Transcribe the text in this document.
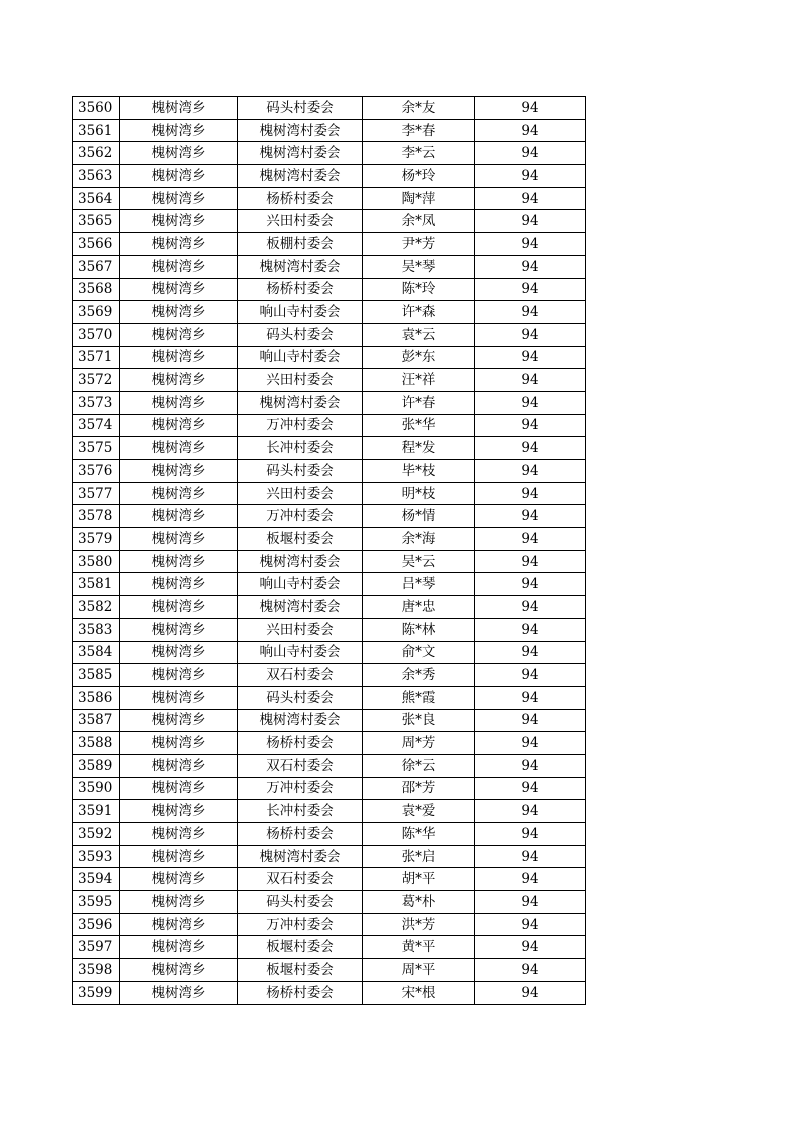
3560	槐树湾乡	码头村委会	余*友	94
3561	槐树湾乡	槐树湾村委会	李*春	94
3562	槐树湾乡	槐树湾村委会	李*云	94
3563	槐树湾乡	槐树湾村委会	杨*玲	94
3564	槐树湾乡	杨桥村委会	陶*萍	94
3565	槐树湾乡	兴田村委会	余*凤	94
3566	槐树湾乡	板棚村委会	尹*芳	94
3567	槐树湾乡	槐树湾村委会	吴*琴	94
3568	槐树湾乡	杨桥村委会	陈*玲	94
3569	槐树湾乡	响山寺村委会	许*森	94
3570	槐树湾乡	码头村委会	袁*云	94
3571	槐树湾乡	响山寺村委会	彭*东	94
3572	槐树湾乡	兴田村委会	汪*祥	94
3573	槐树湾乡	槐树湾村委会	许*春	94
3574	槐树湾乡	万冲村委会	张*华	94
3575	槐树湾乡	长冲村委会	程*发	94
3576	槐树湾乡	码头村委会	毕*枝	94
3577	槐树湾乡	兴田村委会	明*枝	94
3578	槐树湾乡	万冲村委会	杨*情	94
3579	槐树湾乡	板堰村委会	余*海	94
3580	槐树湾乡	槐树湾村委会	吴*云	94
3581	槐树湾乡	响山寺村委会	吕*琴	94
3582	槐树湾乡	槐树湾村委会	唐*忠	94
3583	槐树湾乡	兴田村委会	陈*林	94
3584	槐树湾乡	响山寺村委会	俞*文	94
3585	槐树湾乡	双石村委会	余*秀	94
3586	槐树湾乡	码头村委会	熊*霞	94
3587	槐树湾乡	槐树湾村委会	张*良	94
3588	槐树湾乡	杨桥村委会	周*芳	94
3589	槐树湾乡	双石村委会	徐*云	94
3590	槐树湾乡	万冲村委会	邵*芳	94
3591	槐树湾乡	长冲村委会	袁*爱	94
3592	槐树湾乡	杨桥村委会	陈*华	94
3593	槐树湾乡	槐树湾村委会	张*启	94
3594	槐树湾乡	双石村委会	胡*平	94
3595	槐树湾乡	码头村委会	葛*朴	94
3596	槐树湾乡	万冲村委会	洪*芳	94
3597	槐树湾乡	板堰村委会	黄*平	94
3598	槐树湾乡	板堰村委会	周*平	94
3599	槐树湾乡	杨桥村委会	宋*根	94
